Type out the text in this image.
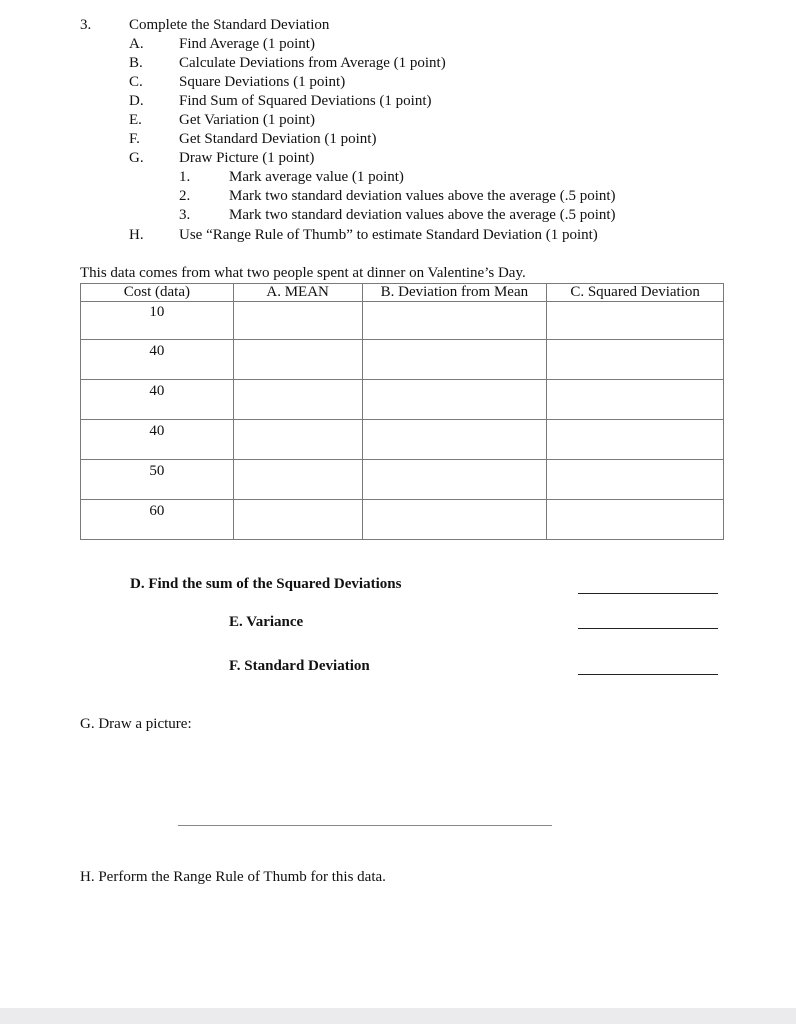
3.	Complete the Standard Deviation
A. Find Average (1 point)
B. Calculate Deviations from Average (1 point)
C. Square Deviations (1 point)
D. Find Sum of Squared Deviations (1 point)
E. Get Variation (1 point)
F.	Get Standard Deviation (1 point)
G. Draw Picture (1 point)
1.	Mark average value (1 point)
2.	Mark two standard deviation values above the average (.5 point)
3.	Mark two standard deviation values above the average (.5 point)
H. Use “Range Rule of Thumb” to estimate Standard Deviation (1 point)
This data comes from what two people spent at dinner on Valentine’s Day.
Cost (data)	A. MEAN	B. Deviation from Mean	C. Squared Deviation
10			
40			
40			
40			
50			
60			
D. Find the sum of the Squared Deviations
E. Variance
F. Standard Deviation
G. Draw a picture:
H. Perform the Range Rule of Thumb for this data.
